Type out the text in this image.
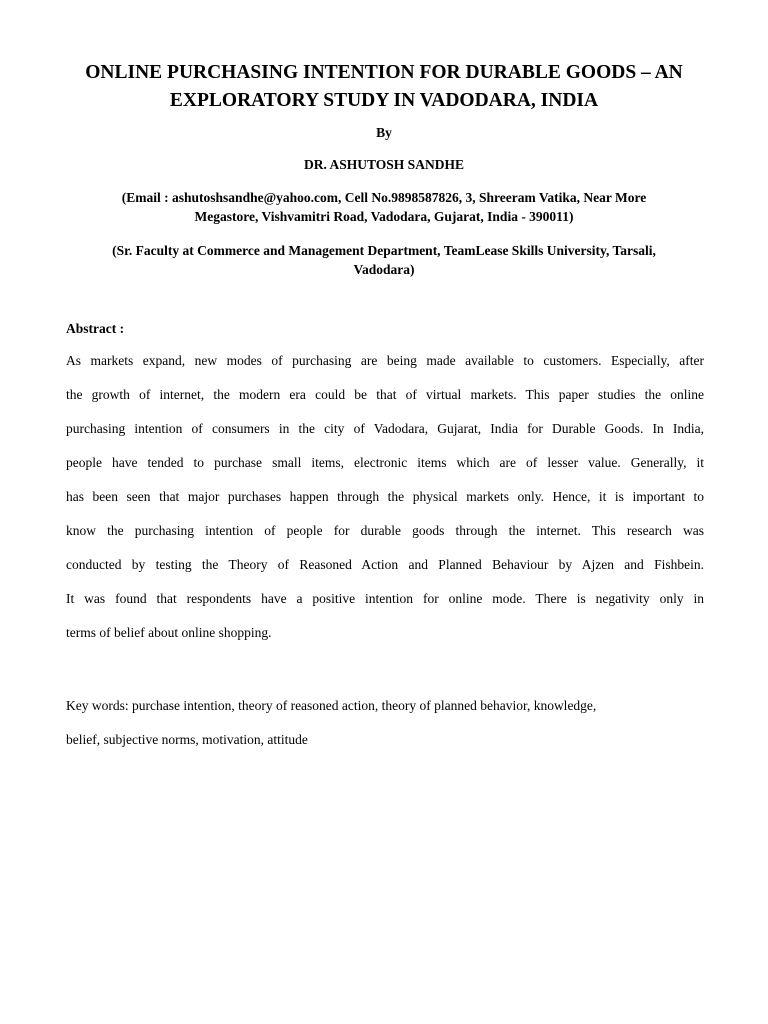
ONLINE PURCHASING INTENTION FOR DURABLE GOODS – AN
EXPLORATORY STUDY IN VADODARA, INDIA
By
DR. ASHUTOSH SANDHE
(Email : ashutoshsandhe@yahoo.com, Cell No.9898587826, 3, Shreeram Vatika, Near More
Megastore, Vishvamitri Road, Vadodara, Gujarat, India - 390011)
(Sr. Faculty at Commerce and Management Department, TeamLease Skills University, Tarsali,
Vadodara)
Abstract :
As markets expand, new modes of purchasing are being made available to customers. Especially, after
the growth of internet, the modern era could be that of virtual markets. This paper studies the online
purchasing intention of consumers in the city of Vadodara, Gujarat, India for Durable Goods. In India,
people have tended to purchase small items, electronic items which are of lesser value. Generally, it
has been seen that major purchases happen through the physical markets only. Hence, it is important to
know the purchasing intention of people for durable goods through the internet. This research was
conducted by testing the Theory of Reasoned Action and Planned Behaviour by Ajzen and Fishbein.
It was found that respondents have a positive intention for online mode. There is negativity only in
terms of belief about online shopping.
Key words: purchase intention, theory of reasoned action, theory of planned behavior, knowledge,
belief, subjective norms, motivation, attitude
